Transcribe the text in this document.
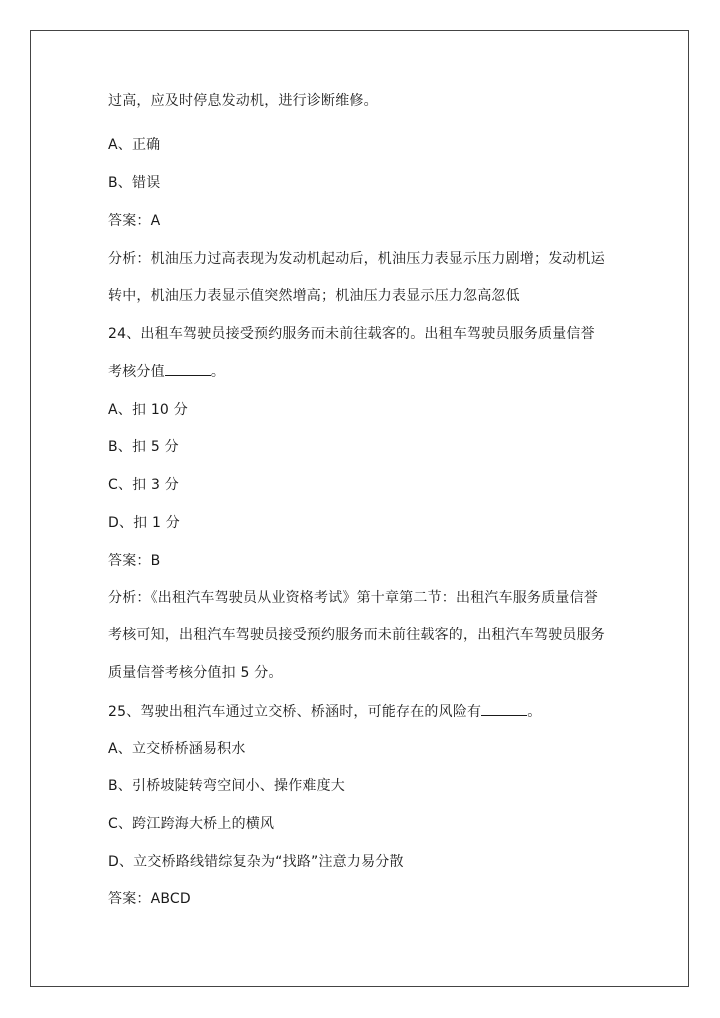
过高，应及时停息发动机，进行诊断维修。

A、正确

B、错误

答案：A

分析：机油压力过高表现为发动机起动后，机油压力表显示压力剧增；发动机运

转中，机油压力表显示值突然增高；机油压力表显示压力忽高忽低

24、出租车驾驶员接受预约服务而未前往载客的。出租车驾驶员服务质量信誉

考核分值	。

A、扣 10 分

B、扣 5 分

C、扣 3 分

D、扣 1 分

答案：B

分析：《出租汽车驾驶员从业资格考试》第十章第二节：出租汽车服务质量信誉

考核可知，出租汽车驾驶员接受预约服务而未前往载客的，出租汽车驾驶员服务

质量信誉考核分值扣 5 分。

25、驾驶出租汽车通过立交桥、桥涵时，可能存在的风险有	。

A、立交桥桥涵易积水

B、引桥坡陡转弯空间小、操作难度大

C、跨江跨海大桥上的横风

D、立交桥路线错综复杂为“找路”注意力易分散

答案：ABCD
